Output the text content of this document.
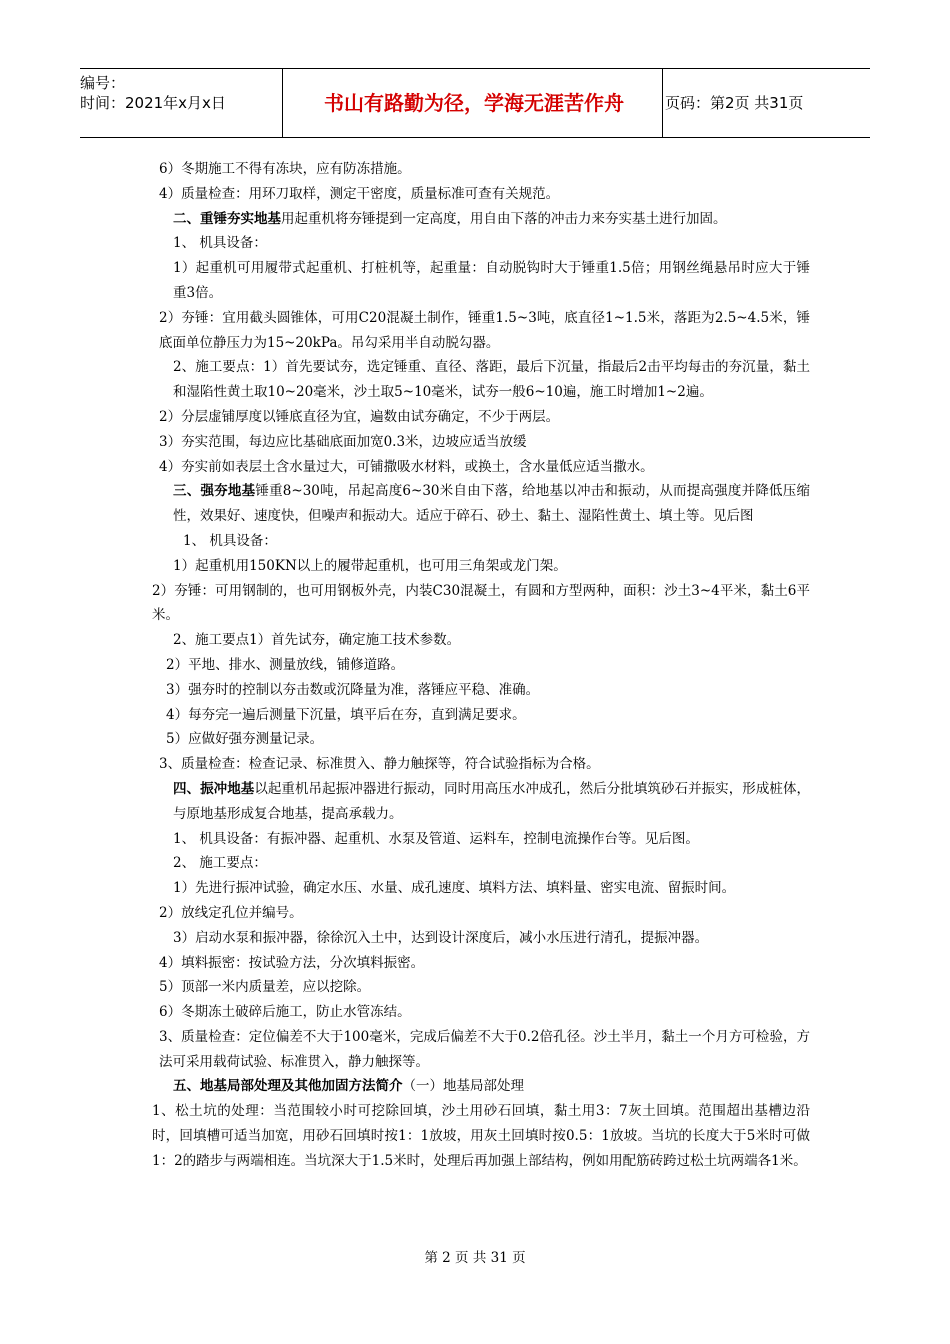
编号：
时间：2021年x月x日	书山有路勤为径，学海无涯苦作舟	页码：第2页 共31页

6）冬期施工不得有冻块，应有防冻措施。

4）质量检查：用环刀取样，测定干密度，质量标准可查有关规范。

二、重锤夯实地基用起重机将夯锤提到一定高度，用自由下落的冲击力来夯实基土进行加固。

1、 机具设备：

1）起重机可用履带式起重机、打桩机等，起重量：自动脱钩时大于锤重1.5倍；用钢丝绳悬吊时应大于锤重3倍。

2）夯锤：宜用截头圆锥体，可用C20混凝土制作，锤重1.5~3吨，底直径1~1.5米，落距为2.5~4.5米，锤底面单位静压力为15~20kPa。吊勾采用半自动脱勾器。

2、施工要点：1）首先要试夯，选定锤重、直径、落距，最后下沉量，指最后2击平均每击的夯沉量，黏土和湿陷性黄土取10~20毫米，沙土取5~10毫米，试夯一般6~10遍，施工时增加1~2遍。

2）分层虚铺厚度以锤底直径为宜，遍数由试夯确定，不少于两层。

3）夯实范围，每边应比基础底面加宽0.3米，边坡应适当放缓

4）夯实前如表层土含水量过大，可铺撒吸水材料，或换土，含水量低应适当撒水。

三、强夯地基锤重8~30吨，吊起高度6~30米自由下落，给地基以冲击和振动，从而提高强度并降低压缩性，效果好、速度快，但噪声和振动大。适应于碎石、砂土、黏土、湿陷性黄土、填土等。见后图

1、 机具设备：

1）起重机用150KN以上的履带起重机，也可用三角架或龙门架。

2）夯锤：可用钢制的，也可用钢板外壳，内装C30混凝土，有圆和方型两种，面积：沙土3~4平米，黏土6平米。

2、施工要点1）首先试夯，确定施工技术参数。

2）平地、排水、测量放线，铺修道路。

3）强夯时的控制以夯击数或沉降量为准，落锤应平稳、准确。

4）每夯完一遍后测量下沉量，填平后在夯，直到满足要求。

5）应做好强夯测量记录。

3、质量检查：检查记录、标准贯入、静力触探等，符合试验指标为合格。

四、振冲地基以起重机吊起振冲器进行振动，同时用高压水冲成孔，然后分批填筑砂石并振实，形成桩体，与原地基形成复合地基，提高承载力。

1、 机具设备：有振冲器、起重机、水泵及管道、运料车，控制电流操作台等。见后图。

2、 施工要点：

1）先进行振冲试验，确定水压、水量、成孔速度、填料方法、填料量、密实电流、留振时间。

2）放线定孔位并编号。

3）启动水泵和振冲器，徐徐沉入土中，达到设计深度后，减小水压进行清孔，提振冲器。

4）填料振密：按试验方法，分次填料振密。

5）顶部一米内质量差，应以挖除。

6）冬期冻土破碎后施工，防止水管冻结。

3、质量检查：定位偏差不大于100毫米，完成后偏差不大于0.2倍孔径。沙土半月，黏土一个月方可检验，方法可采用载荷试验、标准贯入，静力触探等。

五、地基局部处理及其他加固方法简介（一）地基局部处理

1、松土坑的处理：当范围较小时可挖除回填，沙土用砂石回填，黏土用3：7灰土回填。范围超出基槽边沿时，回填槽可适当加宽，用砂石回填时按1：1放坡，用灰土回填时按0.5：1放坡。当坑的长度大于5米时可做1：2的踏步与两端相连。当坑深大于1.5米时，处理后再加强上部结构，例如用配筋砖跨过松土坑两端各1米。

第 2 页 共 31 页
